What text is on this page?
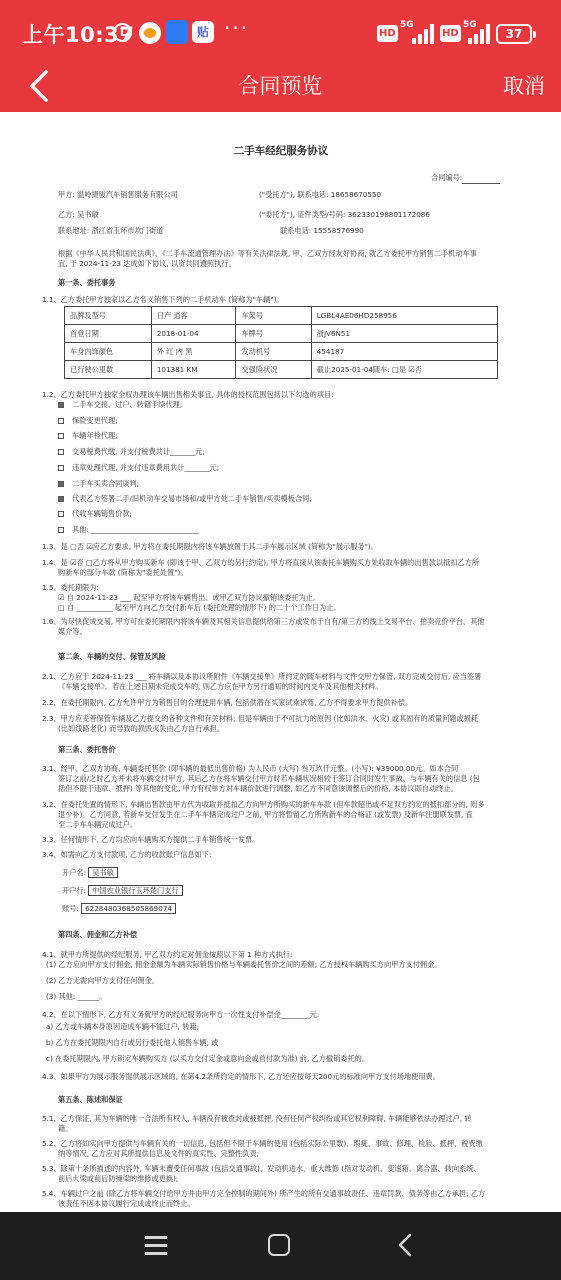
上午10:37	贴 ···	HD
5G
HD
5G
37
合同预览	取消
二手车经纪服务协议
合同编号:
甲方: 温岭捷骏汽车销售服务有限公司	("受托方"), 联系电话: 18658670550
乙方: 吴书敏	("委托方"), 证件类型/号码: 362330198801172086
联系地址: 浙江省玉环市坎门街道	联系电话: 15558576990
根据《中华人民共和国民法典》、《二手车流通管理办法》等有关法律法规, 甲、乙双方经友好协商, 就乙方委托甲方销售二手机动车事
宜, 于 2024-11-23 达成如下协议, 以资共同遵照执行。
第一条、委托事务
1.1、乙方委托甲方独家以乙方名义销售下列的二手机动车 (简称为"车辆")。
品牌及型号	日产 逍客	车架号	LGBL4AE06HD258956
首登日期	2018-01-04	车牌号	浙JV6N51
车身内饰颜色	外 红 内 黑	发动机号	454187
已行驶公里数	101381 KM	交强险状况	截止2025-01-04随车: □是 ☑否
1.2、乙方委托甲方独家全权办理该车辆出售相关事宜, 具体的授权范围包括以下勾选的项目:
二手车交接、过户、转籍手续代理;
保险变更代理;
车辆年检代理;
交易税费代缴, 并支付税费共计_______元;
违章处理代理, 并支付违章费用共计_______元;
二手车买卖合同谈判;
代表乙方签署二手/旧机动车交易市场和/或甲方处二手车销售/买卖模板合同;
代收车辆销售价款;
其他: ______________________________
1.3、是 □否 ☑应乙方要求, 甲方将在委托期限内将该车辆放置于其二手车展示区域 (简称为"展示服务")。
1.4、是 ☑否 □乙方将从甲方购买新车 (即该于甲、乙双方的另行约定), 甲方将直接从该委托车辆购买方处收取车辆的出售款以抵扣乙方所
购新车的部分车款 (简称为"委托处置")。
1.5、委托期限为:
☑ 自 2024-11-23 ___ 起至甲方将该车辆售出、或甲乙双方协议撤销该委托为止。
□ 自 __________ 起至甲方向乙方交付新车后 (委托处置的情形下) 的二十个工作日为止。
1.6、为尽快促成交易, 甲方可在委托期限内将该车辆及其相关信息提供给第三方或发布于自有/第三方的线上交易平台、拍卖竞价平台、其他
媒介等。
第二条、车辆的交付、保管及风险
2.1、乙方应于 2024-11-23 ___ 将车辆以及本协议所附件《车辆交接单》所约定的随车材料与文件交甲方保管, 双方完成交付后, 应当签署
《车辆交接单》。若在上述日期未完成交车的, 则乙方应在甲方另行通知的时间内交车及其他相关材料。
2.2、在委托期限内, 乙方允许甲方为销售目的合理使用车辆, 包括供潜在买家试乘试驾, 乙方不得要求甲方提供补偿。
2.3、甲方应妥善保管车辆及乙方提交的各种文件和有关材料; 但是车辆由于不可抗力的原因 (比如洪水、火灾) 或其固有的质量问题或损耗
(比如线路老化) 而导致的损毁灭失由乙方自行承担。
第三条、委托售价
3.1、经甲、乙双方协商, 车辆委托售价 (即车辆的最低出售价格) 为人民币 (大写) 叁万玖仟元整。(小写): ¥39000.00元。如本合同
签订之前/之时乙方并未将车辆交付甲方, 其后乙方在将车辆交付甲方时若车辆状况相较于签订合同时发生事故、与车辆有关的信息 (包
括但不限于违章、抵押) 等其他的变化, 甲方有权单方对车辆价款进行调整, 如乙方不同意该调整后的价格, 本协议即自动终止。
3.2、在委托处置的情形下, 车辆出售款由甲方代为收取并抵扣乙方向甲方所购买的新车车款 (但车款超出或不足双方约定的抵扣部分的, 则多
退少补)。乙方同意, 若新车交付发生在二手车车辆完成过户之前, 甲方将暂留乙方所购新车的合格证 (或发票) 及新车注册联发票, 直
至二手车车辆完成过户。
3.3、任何情形下, 乙方均应向车辆购买方提供二手车销售统一发票。
3.4、如需向乙方支付款项, 乙方的收款账户信息如下:
开户名: 吴书敏
开户行: 中国农业银行玉环楚门支行
账号: 6228480368505869074
第四条、佣金和乙方补偿
4.1、就甲方所提供的经纪服务, 甲乙双方约定对佣金按照以下第 1 种方式执行:
(1) 乙方应向甲方支付佣金, 佣金金额为车辆实际销售价格与车辆委托售价之间的差额; 乙方授权车辆购买方向甲方支付佣金。
(2) 乙方无需向甲方支付任何佣金。
(3) 其他: ______。
4.2、在以下情形下, 乙方有义务就甲方的经纪服务向甲方一次性支付补偿金________元:
a) 乙方或车辆本身原因造成车辆不能过户, 转籍;
b) 乙方在委托期限内自行或另行委托他人销售车辆; 或
c) 在委托期限内, 甲方锁定车辆购买方 (以买方交付定金或意向金或首付款为准) 前, 乙方撤销委托的。
4.3、如果甲方为展示服务提供展示区域的, 在第4.2条所约定的情形下, 乙方还应按每天200元的标准向甲方支付场地使用费。
第五条、陈述和保证
5.1、乙方保证, 其为车辆的唯一合法所有权人, 车辆没有被查封或被抵押, 没有任何产权纠纷或其它权利障碍, 车辆能够依法办理过户, 转
籍。
5.2、乙方将如实向甲方提供与车辆有关的一切信息, 包括但不限于车辆的使用 (包括实际公里数)、瑕疵、事故、修理、检验、抵押、税费缴
纳等情况, 乙方应对其所提供信息及文件的真实性、完整性负责;
5.3、除第十条所描述的内容外, 车辆未遭受任何事故 (包括交通事故)、发动机进水、重大维修 (指对发动机、变速箱、离合器、转向系统、
前后大梁或前后防撞梁的维修或更换);
5.4、车辆过户之前 (除乙方将车辆交付给甲方并由甲方完全控制的期间外) 所产生的所有交通事故责任、违章罚款、债务等由乙方承担; 乙方
该责任不因本协议履行完成或终止而终止。
